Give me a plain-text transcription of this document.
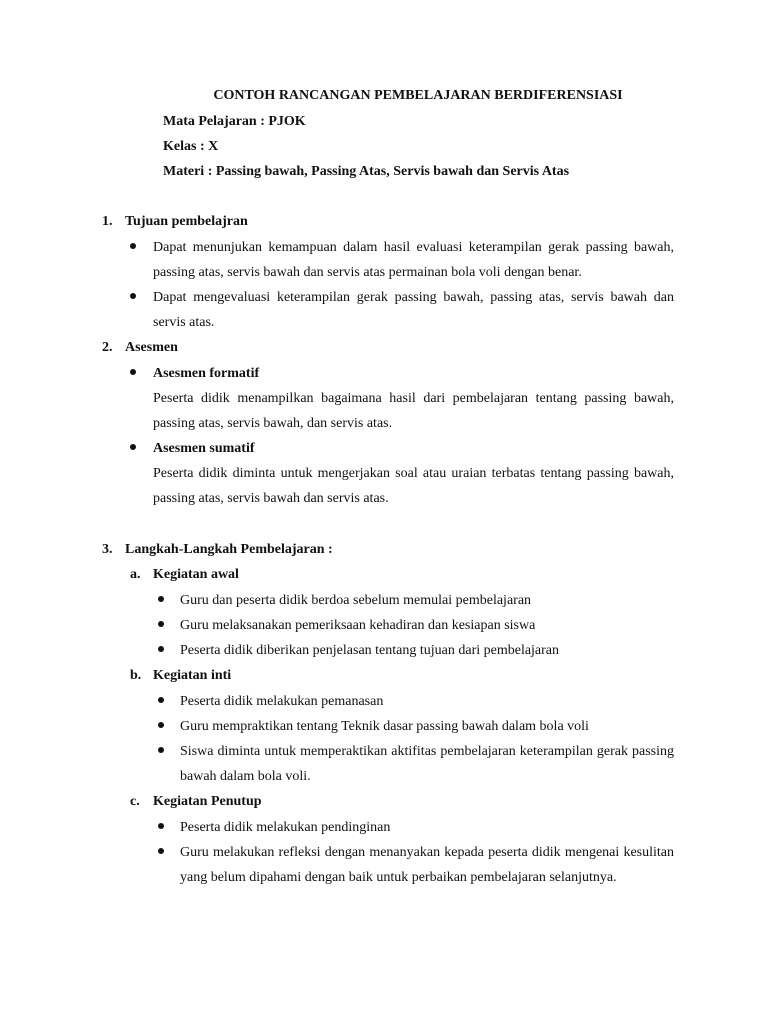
CONTOH RANCANGAN PEMBELAJARAN BERDIFERENSIASI
Mata Pelajaran : PJOK
Kelas : X
Materi : Passing bawah, Passing Atas, Servis bawah dan Servis Atas
1. Tujuan pembelajran
Dapat menunjukan kemampuan dalam hasil evaluasi keterampilan gerak passing bawah, passing atas, servis bawah dan servis atas permainan bola voli dengan benar.
Dapat mengevaluasi keterampilan gerak passing bawah, passing atas, servis bawah dan servis atas.
2. Asesmen
Asesmen formatif
Peserta didik menampilkan bagaimana hasil dari pembelajaran tentang passing bawah, passing atas, servis bawah, dan servis atas.
Asesmen sumatif
Peserta didik diminta untuk mengerjakan soal atau uraian terbatas tentang passing bawah, passing atas, servis bawah dan servis atas.
3. Langkah-Langkah Pembelajaran :
a. Kegiatan awal
Guru dan peserta didik berdoa sebelum memulai pembelajaran
Guru melaksanakan pemeriksaan kehadiran dan kesiapan siswa
Peserta didik diberikan penjelasan tentang tujuan dari pembelajaran
b. Kegiatan inti
Peserta didik melakukan pemanasan
Guru mempraktikan tentang Teknik dasar passing bawah dalam bola voli
Siswa diminta untuk memperaktikan aktifitas pembelajaran keterampilan gerak passing bawah dalam bola voli.
c. Kegiatan Penutup
Peserta didik melakukan pendinginan
Guru melakukan refleksi dengan menanyakan kepada peserta didik mengenai kesulitan yang belum dipahami dengan baik untuk perbaikan pembelajaran selanjutnya.
